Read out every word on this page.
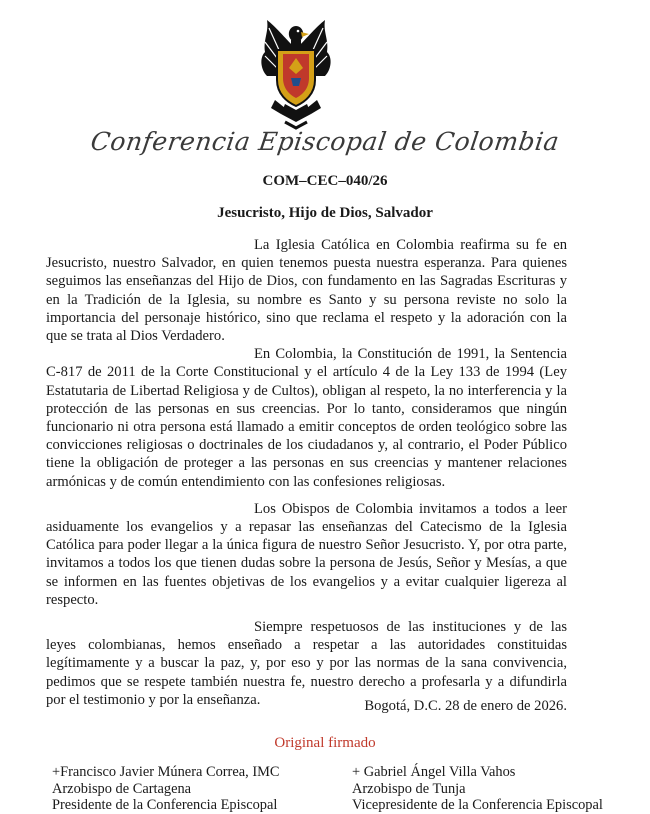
Conferencia Episcopal de Colombia
COM–CEC–040/26
Jesucristo, Hijo de Dios, Salvador

La Iglesia Católica en Colombia reafirma su fe en Jesucristo, nuestro Salvador, en quien tenemos puesta nuestra esperanza. Para quienes seguimos las enseñanzas del Hijo de Dios, con fundamento en las Sagradas Escrituras y en la Tradición de la Iglesia, su nombre es Santo y su persona reviste no solo la importancia del personaje histórico, sino que reclama el respeto y la adoración con la que se trata al Dios Verdadero.

En Colombia, la Constitución de 1991, la Sentencia C-817 de 2011 de la Corte Constitucional y el artículo 4 de la Ley 133 de 1994 (Ley Estatutaria de Libertad Religiosa y de Cultos), obligan al respeto, la no interferencia y la protección de las personas en sus creencias. Por lo tanto, consideramos que ningún funcionario ni otra persona está llamado a emitir conceptos de orden teológico sobre las convicciones religiosas o doctrinales de los ciudadanos y, al contrario, el Poder Público tiene la obligación de proteger a las personas en sus creencias y mantener relaciones armónicas y de común entendimiento con las confesiones religiosas.

Los Obispos de Colombia invitamos a todos a leer asiduamente los evangelios y a repasar las enseñanzas del Catecismo de la Iglesia Católica para poder llegar a la única figura de nuestro Señor Jesucristo. Y, por otra parte, invitamos a todos los que tienen dudas sobre la persona de Jesús, Señor y Mesías, a que se informen en las fuentes objetivas de los evangelios y a evitar cualquier ligereza al respecto.

Siempre respetuosos de las instituciones y de las leyes colombianas, hemos enseñado a respetar a las autoridades constituidas legítimamente y a buscar la paz, y, por eso y por las normas de la sana convivencia, pedimos que se respete también nuestra fe, nuestro derecho a profesarla y a difundirla por el testimonio y por la enseñanza.	Bogotá, D.C. 28 de enero de 2026.
Original firmado
+Francisco Javier Múnera Correa, IMC
Arzobispo de Cartagena
Presidente de la Conferencia Episcopal
+ Gabriel Ángel Villa Vahos
Arzobispo de Tunja
Vicepresidente de la Conferencia Episcopal
